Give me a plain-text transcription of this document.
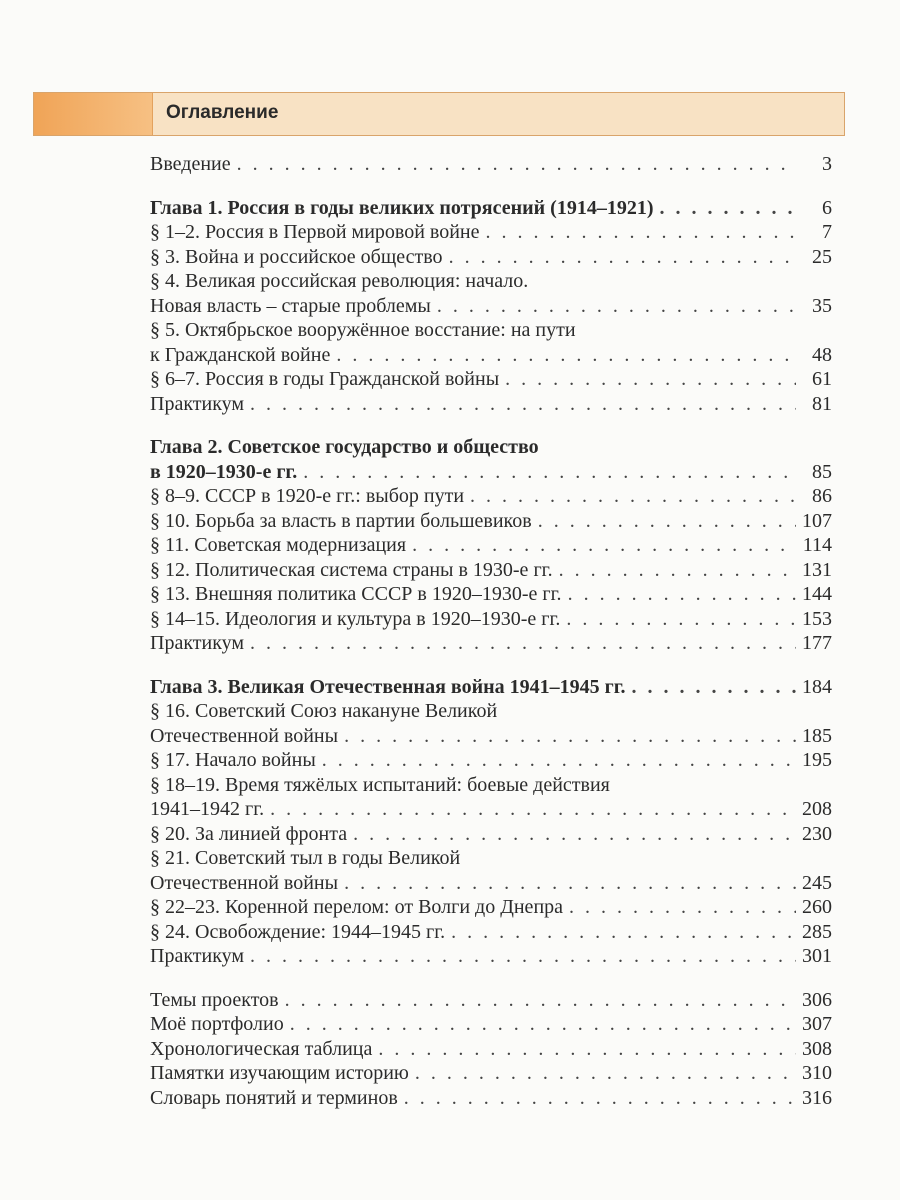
Оглавление
Введение . . .	3
Глава 1. Россия в годы великих потрясений (1914–1921) . . .	6
§ 1–2. Россия в Первой мировой войне . . .	7
§ 3. Война и российское общество . . .	25
§ 4. Великая российская революция: начало.
Новая власть – старые проблемы . . .	35
§ 5. Октябрьское вооружённое восстание: на пути
к Гражданской войне . . .	48
§ 6–7. Россия в годы Гражданской войны . . .	61
Практикум . . .	81
Глава 2. Советское государство и общество
в 1920–1930-е гг. . . .	85
§ 8–9. СССР в 1920-е гг.: выбор пути . . .	86
§ 10. Борьба за власть в партии большевиков . . .	107
§ 11. Советская модернизация . . .	114
§ 12. Политическая система страны в 1930-е гг. . . .	131
§ 13. Внешняя политика СССР в 1920–1930-е гг. . . .	144
§ 14–15. Идеология и культура в 1920–1930-е гг. . . .	153
Практикум . . .	177
Глава 3. Великая Отечественная война 1941–1945 гг. . . .	184
§ 16. Советский Союз накануне Великой
Отечественной войны . . .	185
§ 17. Начало войны . . .	195
§ 18–19. Время тяжёлых испытаний: боевые действия
1941–1942 гг. . . .	208
§ 20. За линией фронта . . .	230
§ 21. Советский тыл в годы Великой
Отечественной войны . . .	245
§ 22–23. Коренной перелом: от Волги до Днепра . . .	260
§ 24. Освобождение: 1944–1945 гг. . . .	285
Практикум . . .	301
Темы проектов . . .	306
Моё портфолио . . .	307
Хронологическая таблица . . .	308
Памятки изучающим историю . . .	310
Словарь понятий и терминов . . .	316
